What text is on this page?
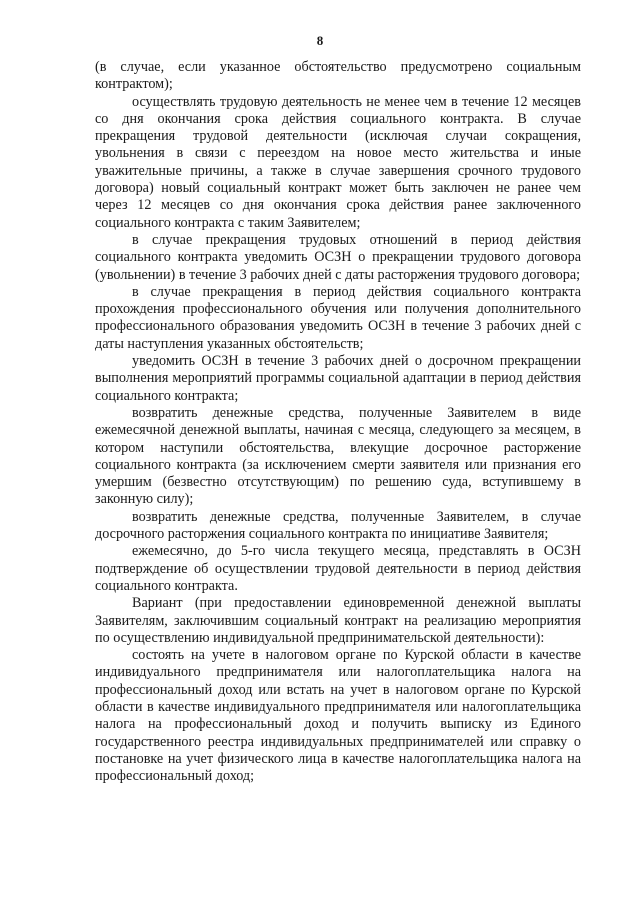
8

(в случае, если указанное обстоятельство предусмотрено социальным контрактом);

осуществлять трудовую деятельность не менее чем в течение 12 месяцев со дня окончания срока действия социального контракта. В случае прекращения трудовой деятельности (исключая случаи сокращения, увольнения в связи с переездом на новое место жительства и иные уважительные причины, а также в случае завершения срочного трудового договора) новый социальный контракт может быть заключен не ранее чем через 12 месяцев со дня окончания срока действия ранее заключенного социального контракта с таким Заявителем;

в случае прекращения трудовых отношений в период действия социального контракта уведомить ОСЗН о прекращении трудового договора (увольнении) в течение 3 рабочих дней с даты расторжения трудового договора;

в случае прекращения в период действия социального контракта прохождения профессионального обучения или получения дополнительного профессионального образования уведомить ОСЗН в течение 3 рабочих дней с даты наступления указанных обстоятельств;

уведомить ОСЗН в течение 3 рабочих дней о досрочном прекращении выполнения мероприятий программы социальной адаптации в период действия социального контракта;

возвратить денежные средства, полученные Заявителем в виде ежемесячной денежной выплаты, начиная с месяца, следующего за месяцем, в котором наступили обстоятельства, влекущие досрочное расторжение социального контракта (за исключением смерти заявителя или признания его умершим (безвестно отсутствующим) по решению суда, вступившему в законную силу);

возвратить денежные средства, полученные Заявителем, в случае досрочного расторжения социального контракта по инициативе Заявителя;

ежемесячно, до 5-го числа текущего месяца, представлять в ОСЗН подтверждение об осуществлении трудовой деятельности в период действия социального контракта.

Вариант (при предоставлении единовременной денежной выплаты Заявителям, заключившим социальный контракт на реализацию мероприятия по осуществлению индивидуальной предпринимательской деятельности):

состоять на учете в налоговом органе по Курской области в качестве индивидуального предпринимателя или налогоплательщика налога на профессиональный доход или встать на учет в налоговом органе по Курской области в качестве индивидуального предпринимателя или налогоплательщика налога на профессиональный доход и получить выписку из Единого государственного реестра индивидуальных предпринимателей или справку о постановке на учет физического лица в качестве налогоплательщика налога на профессиональный доход;
